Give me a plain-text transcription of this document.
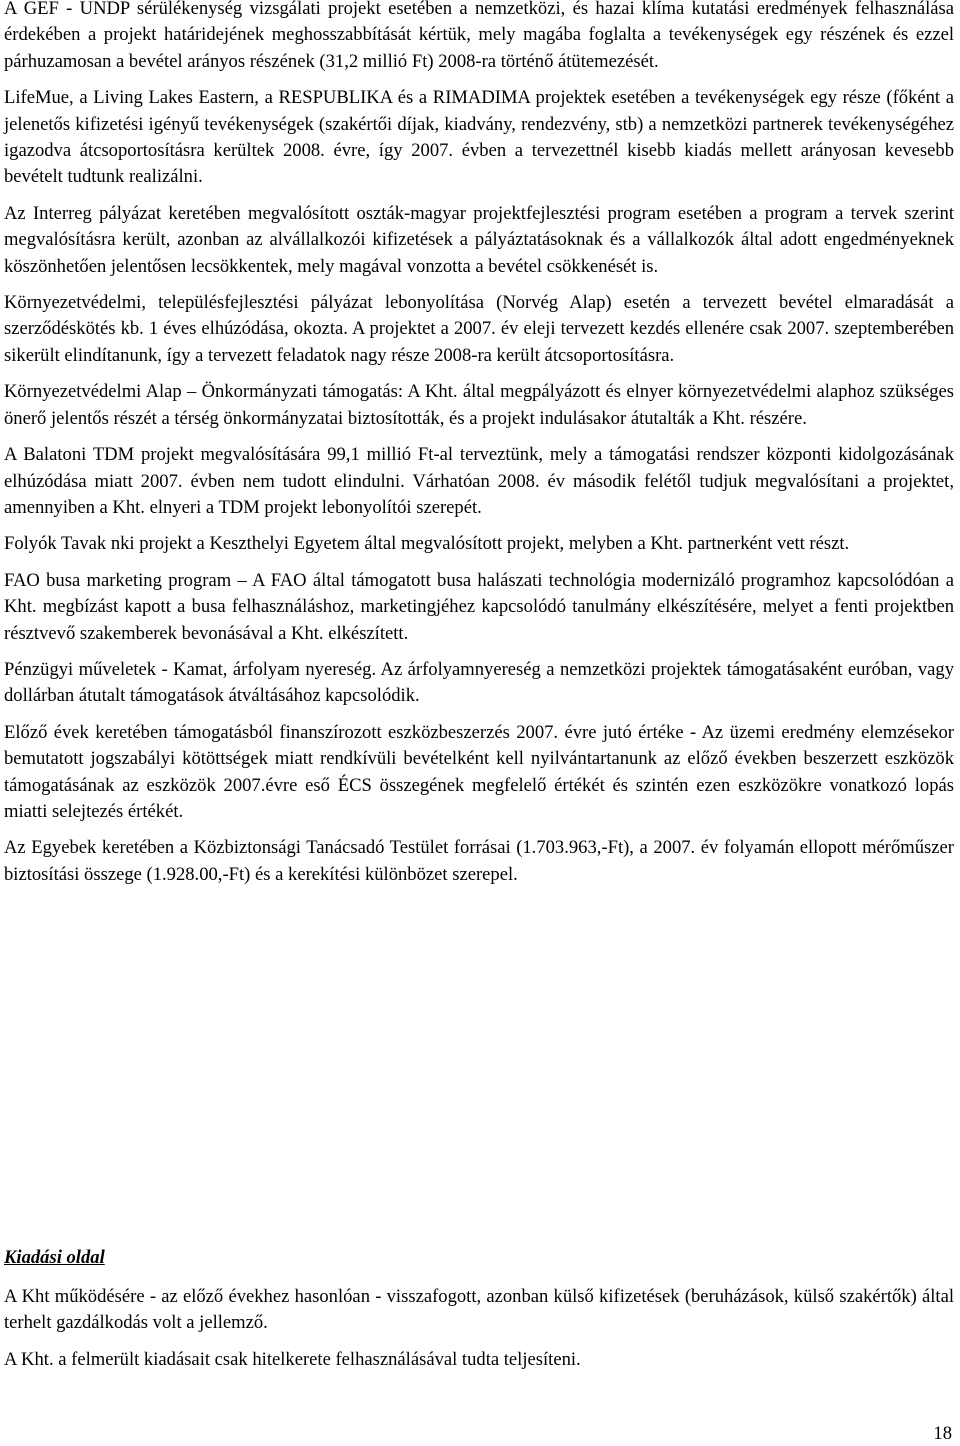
A GEF - UNDP sérülékenység vizsgálati projekt esetében a nemzetközi, és hazai klíma kutatási eredmények felhasználása érdekében a projekt határidejének meghosszabbítását kértük, mely magába foglalta a tevékenységek egy részének és ezzel párhuzamosan a bevétel arányos részének (31,2 millió Ft) 2008-ra történő átütemezését.

LifeMue, a Living Lakes Eastern, a RESPUBLIKA és a RIMADIMA projektek esetében a tevékenységek egy része (főként a jelenetős kifizetési igényű tevékenységek (szakértői díjak, kiadvány, rendezvény, stb) a nemzetközi partnerek tevékenységéhez igazodva átcsoportosításra kerültek 2008. évre, így 2007. évben a tervezettnél kisebb kiadás mellett arányosan kevesebb bevételt tudtunk realizálni.

Az Interreg pályázat keretében megvalósított oszták-magyar projektfejlesztési program esetében a program a tervek szerint megvalósításra került, azonban az alvállalkozói kifizetések a pályáztatásoknak és a vállalkozók által adott engedményeknek köszönhetően jelentősen lecsökkentek, mely magával vonzotta a bevétel csökkenését is.

Környezetvédelmi, településfejlesztési pályázat lebonyolítása (Norvég Alap) esetén a tervezett bevétel elmaradását a szerződéskötés kb. 1 éves elhúzódása, okozta. A projektet a 2007. év eleji tervezett kezdés ellenére csak 2007. szeptemberében sikerült elindítanunk, így a tervezett feladatok nagy része 2008-ra került átcsoportosításra.

Környezetvédelmi Alap – Önkormányzati támogatás: A Kht. által megpályázott és elnyer környezetvédelmi alaphoz szükséges önerő jelentős részét a térség önkormányzatai biztosították, és a projekt indulásakor átutalták a Kht. részére.

A Balatoni TDM projekt megvalósítására 99,1 millió Ft-al terveztünk, mely a támogatási rendszer központi kidolgozásának elhúzódása miatt 2007. évben nem tudott elindulni. Várhatóan 2008. év második felétől tudjuk megvalósítani a projektet, amennyiben a Kht. elnyeri a TDM projekt lebonyolítói szerepét.

Folyók Tavak nki projekt a Keszthelyi Egyetem által megvalósított projekt, melyben a Kht. partnerként vett részt.

FAO busa marketing program – A FAO által támogatott busa halászati technológia modernizáló programhoz kapcsolódóan a Kht. megbízást kapott a busa felhasználáshoz, marketingjéhez kapcsolódó tanulmány elkészítésére, melyet a fenti projektben résztvevő szakemberek bevonásával a Kht. elkészített.

Pénzügyi műveletek - Kamat, árfolyam nyereség. Az árfolyamnyereség a nemzetközi projektek támogatásaként euróban, vagy dollárban átutalt támogatások átváltásához kapcsolódik.

Előző évek keretében támogatásból finanszírozott eszközbeszerzés 2007. évre jutó értéke - Az üzemi eredmény elemzésekor bemutatott jogszabályi kötöttségek miatt rendkívüli bevételként kell nyilvántartanunk az előző években beszerzett eszközök támogatásának az eszközök 2007.évre eső ÉCS összegének megfelelő értékét és szintén ezen eszközökre vonatkozó lopás miatti selejtezés értékét.

Az Egyebek keretében a Közbiztonsági Tanácsadó Testület forrásai (1.703.963,-Ft), a 2007. év folyamán ellopott mérőműszer biztosítási összege (1.928.00,-Ft) és a kerekítési különbözet szerepel.

Kiadási oldal

A Kht működésére - az előző évekhez hasonlóan - visszafogott, azonban külső kifizetések (beruházások, külső szakértők) által terhelt gazdálkodás volt a jellemző.

A Kht. a felmerült kiadásait csak hitelkerete felhasználásával tudta teljesíteni.

18
